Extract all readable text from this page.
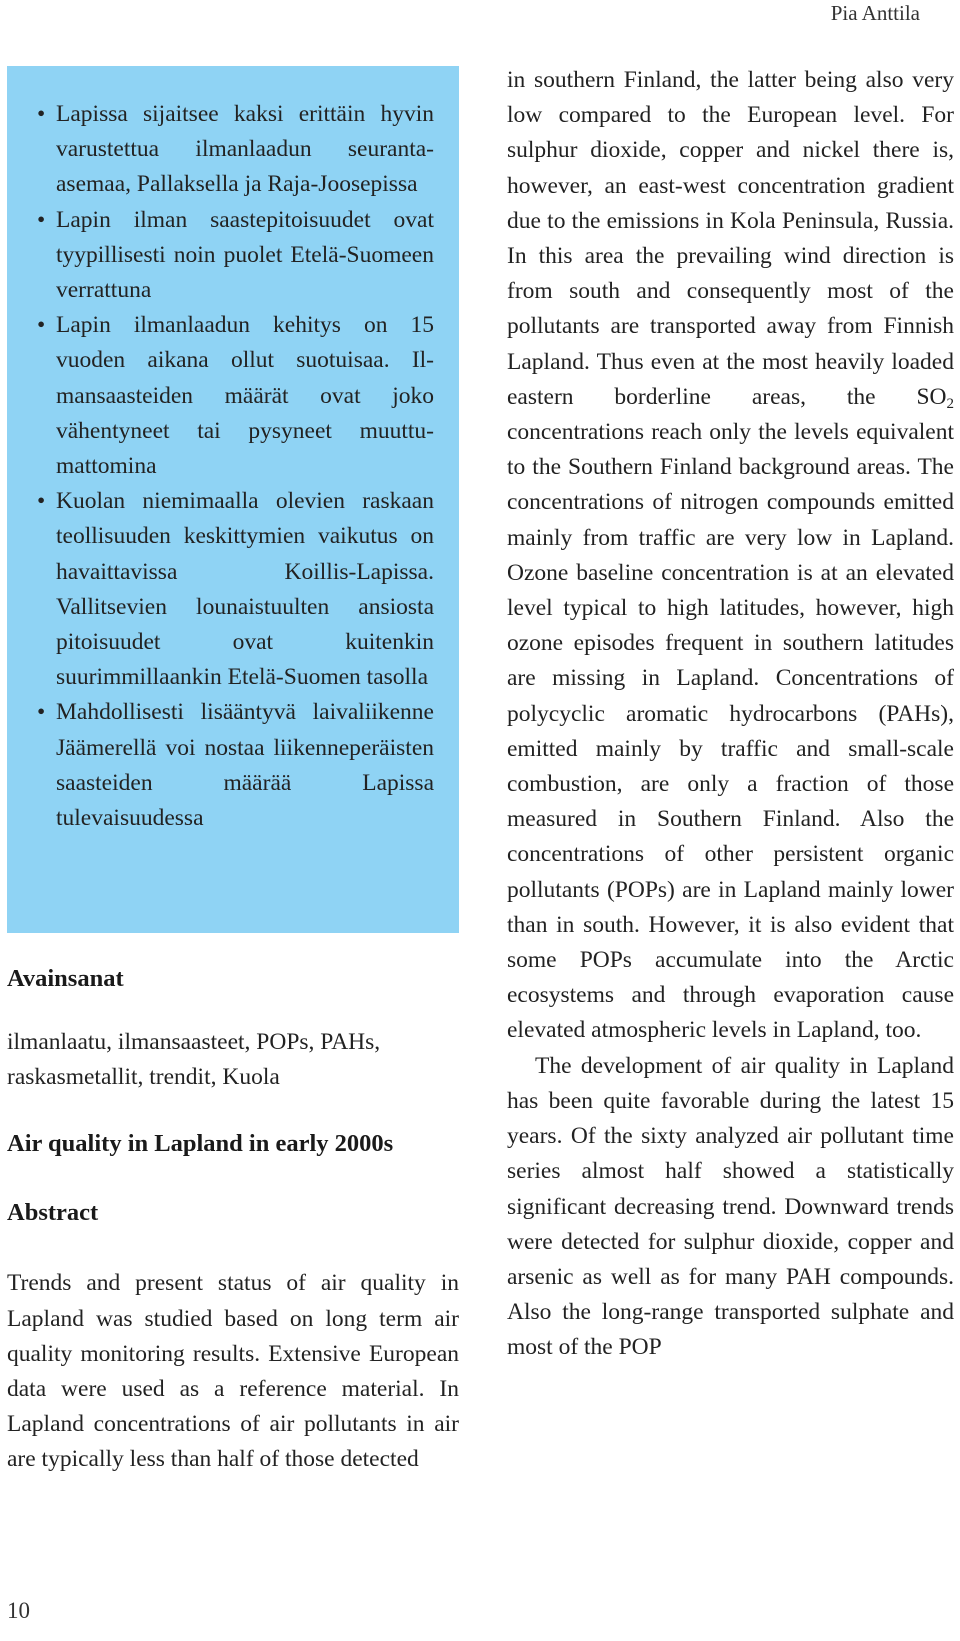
Pia Anttila
• Lapissa sijaitsee kaksi erittäin hyvin varustettua ilmanlaadun seuranta-asemaa, Pallaksella ja Raja-Joosepissa
• Lapin ilman saastepitoisuudet ovat tyypillisesti noin puolet Etelä-Suomeen verrattuna
• Lapin ilmanlaadun kehitys on 15 vuoden aikana ollut suotuisaa. Ilmansaasteiden määrät ovat joko vähentyneet tai pysyneet muuttumattomina
• Kuolan niemimaalla olevien raskaan teollisuuden keskittymien vaikutus on havaittavissa Koillis-Lapissa. Vallitsevien lounaistuulten ansiosta pitoisuudet ovat kuitenkin suurimmillaankin Etelä-Suomen tasolla
• Mahdollisesti lisääntyvä laivaliikenne Jäämerellä voi nostaa liikenneperäisten saasteiden määrää Lapissa tulevaisuudessa
Avainsanat

ilmanlaatu, ilmansaasteet, POPs, PAHs, raskasmetallit, trendit, Kuola

Air quality in Lapland in early 2000s
Abstract

Trends and present status of air quality in Lapland was studied based on long term air quality monitoring results. Extensive European data were used as a reference material. In Lapland concentrations of air pollutants in air are typically less than half of those detected

in southern Finland, the latter being also very low compared to the European level. For sulphur dioxide, copper and nickel there is, however, an east-west concentration gradient due to the emissions in Kola Peninsula, Russia. In this area the prevailing wind direction is from south and consequently most of the pollutants are transported away from Finnish Lapland. Thus even at the most heavily loaded eastern borderline areas, the $SO_2$ concentrations reach only the levels equivalent to the Southern Finland background areas. The concentrations of nitrogen compounds emitted mainly from traffic are very low in Lapland. Ozone baseline concentration is at an elevated level typical to high latitudes, however, high ozone episodes frequent in southern latitudes are missing in Lapland. Concentrations of polycyclic aromatic hydrocarbons (PAHs), emitted mainly by traffic and small-scale combustion, are only a fraction of those measured in Southern Finland. Also the concentrations of other persistent organic pollutants (POPs) are in Lapland mainly lower than in south. However, it is also evident that some POPs accumulate into the Arctic ecosystems and through evaporation cause elevated atmospheric levels in Lapland, too.

The development of air quality in Lapland has been quite favorable during the latest 15 years. Of the sixty analyzed air pollutant time series almost half showed a statistically significant decreasing trend. Downward trends were detected for sulphur dioxide, copper and arsenic as well as for many PAH compounds. Also the long-range transported sulphate and most of the POP

10
